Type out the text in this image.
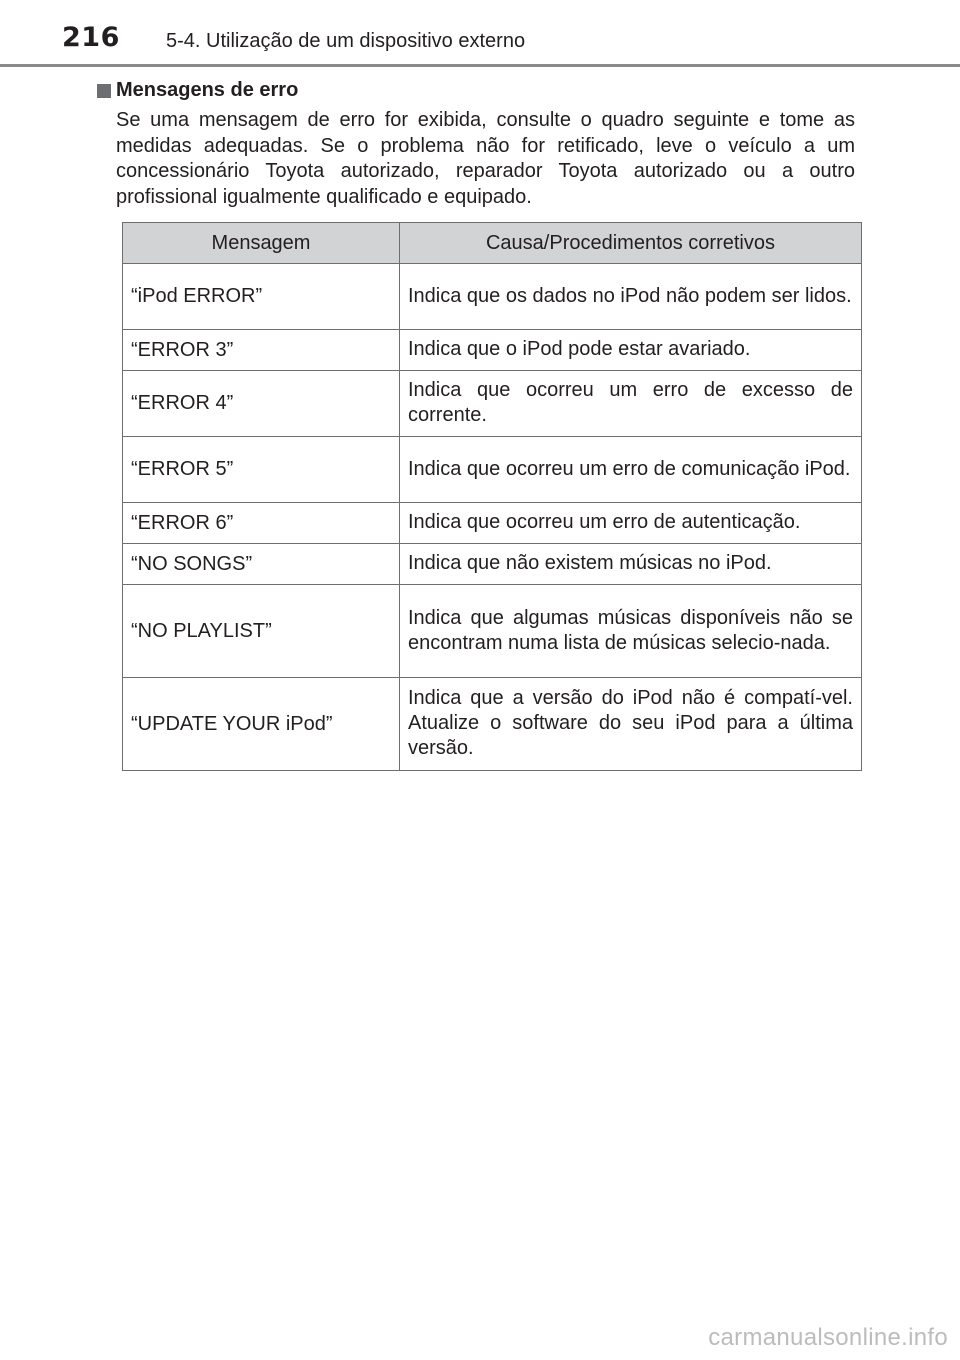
216 5-4. Utilização de um dispositivo externo
Mensagens de erro
Se uma mensagem de erro for exibida, consulte o quadro seguinte e tome as medidas adequadas. Se o problema não for retificado, leve o veículo a um concessionário Toyota autorizado, reparador Toyota autorizado ou a outro profissional igualmente qualificado e equipado.
Mensagem	Causa/Procedimentos corretivos
“iPod ERROR”	Indica que os dados no iPod não podem ser lidos.
“ERROR 3”	Indica que o iPod pode estar avariado.
“ERROR 4”	Indica que ocorreu um erro de excesso de corrente.
“ERROR 5”	Indica que ocorreu um erro de comunicação iPod.
“ERROR 6”	Indica que ocorreu um erro de autenticação.
“NO SONGS”	Indica que não existem músicas no iPod.
“NO PLAYLIST”	Indica que algumas músicas disponíveis não se encontram numa lista de músicas selecio-nada.
“UPDATE YOUR iPod”	Indica que a versão do iPod não é compatí-vel. Atualize o software do seu iPod para a última versão.
carmanualsonline.info
